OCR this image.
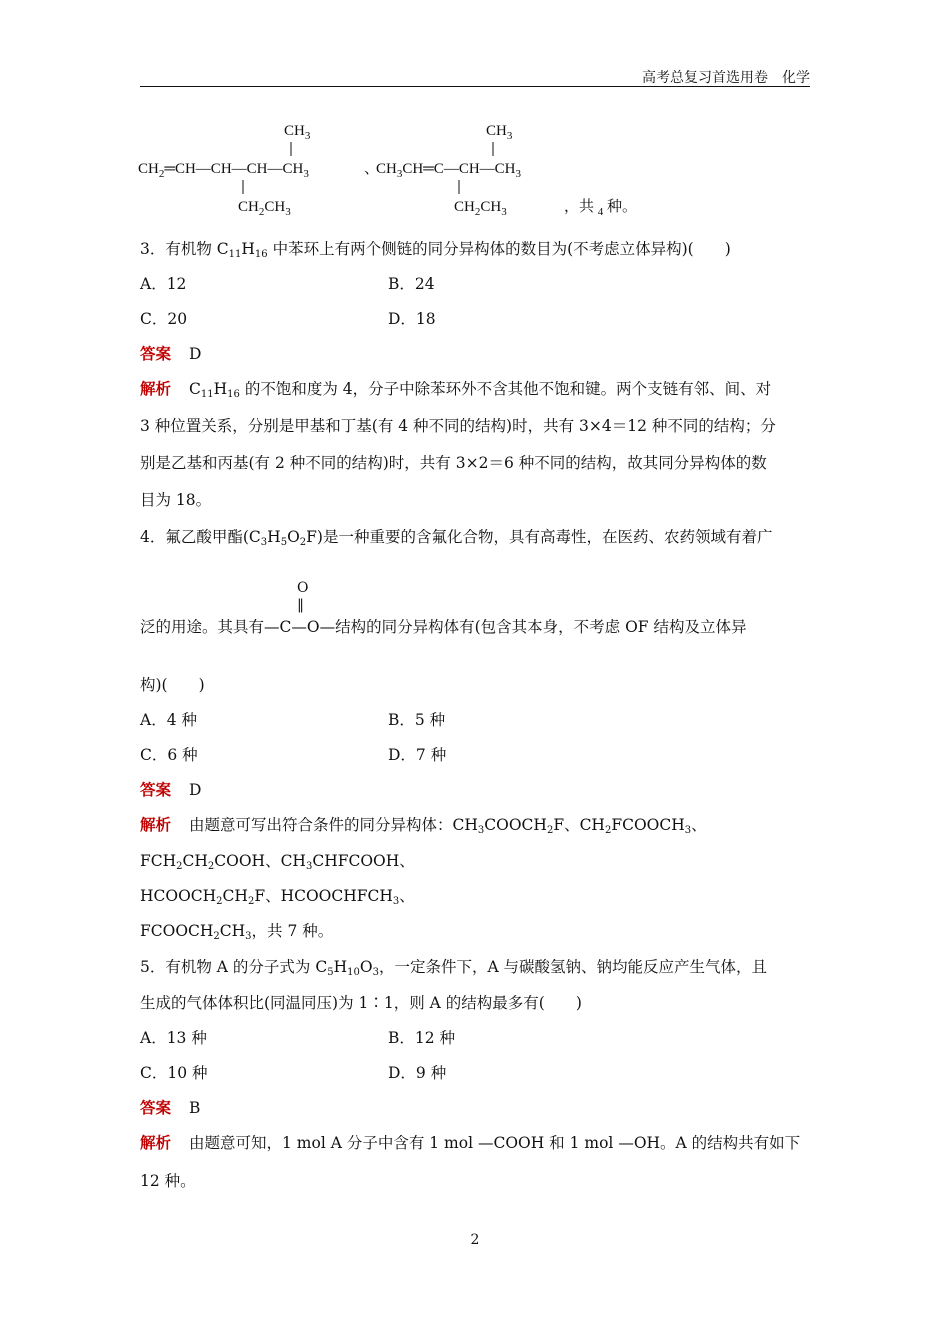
高考总复习首选用卷　化学
$CH_3$
$CH_2═CH—CH—CH—CH_3$
$CH_2CH_3$
、
$CH_3$
$CH_3CH═C—CH—CH_3$
$CH_2CH_3$	，共 $_4$ 种。
3．有机物 $C_{11}H_{16}$ 中苯环上有两个侧链的同分异构体的数目为(不考虑立体异构)(　　)
A．12	B．24
C．20	D．18
答案 D
解析 $C_{11}H_{16}$ 的不饱和度为 4，分子中除苯环外不含其他不饱和键。两个支链有邻、间、对
3 种位置关系，分别是甲基和丁基(有 4 种不同的结构)时，共有 3×4＝12 种不同的结构；分
别是乙基和丙基(有 2 种不同的结构)时，共有 3×2＝6 种不同的结构，故其同分异构体的数
目为 18。
4．氟乙酸甲酯$(C_3H_5O_2F)$是一种重要的含氟化合物，具有高毒性，在医药、农药领域有着广
O
‖
泛的用途。其具有—C—O—结构的同分异构体有(包含其本身，不考虑 OF 结构及立体异
构)(　　)
A．4 种	B．5 种
C．6 种	D．7 种
答案 D
解析 由题意可写出符合条件的同分异构体：$CH_3COOCH_2F$、$CH_2FCOOCH_3$、
$FCH_2CH_2COOH$、$CH_3CHFCOOH$、
$HCOOCH_2CH_2F$、$HCOOCHFCH_3$、
$FCOOCH_2CH_3$，共 7 种。
5．有机物 A 的分子式为 $C_5H_{10}O_3$，一定条件下，A 与碳酸氢钠、钠均能反应产生气体，且
生成的气体体积比(同温同压)为 1∶1，则 A 的结构最多有(　　)
A．13 种	B．12 种
C．10 种	D．9 种
答案 B
解析 由题意可知，1 mol A 分子中含有 1 mol —COOH 和 1 mol —OH。A 的结构共有如下
12 种。
2
